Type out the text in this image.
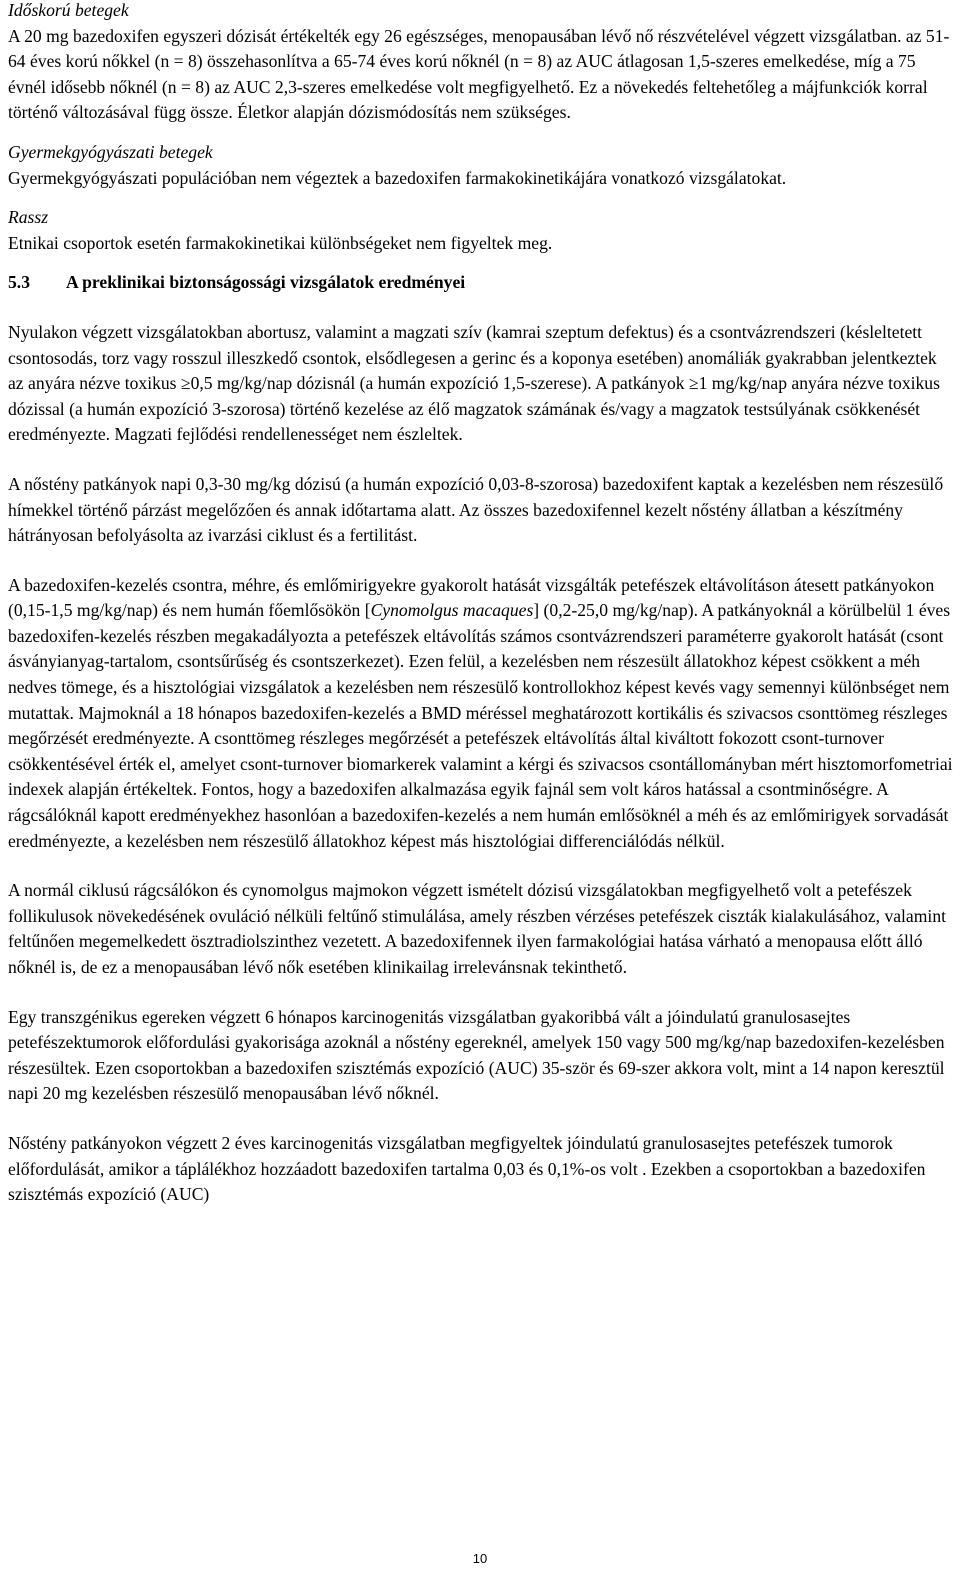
Időskorú betegek

A 20 mg bazedoxifen egyszeri dózisát értékelték egy 26 egészséges, menopausában lévő nő részvételével végzett vizsgálatban. az 51-64 éves korú nőkkel (n = 8) összehasonlítva a 65-74 éves korú nőknél (n = 8) az AUC átlagosan 1,5-szeres emelkedése, míg a 75 évnél idősebb nőknél (n = 8) az AUC 2,3-szeres emelkedése volt megfigyelhető. Ez a növekedés feltehetőleg a májfunkciók korral történő változásával függ össze. Életkor alapján dózismódosítás nem szükséges.

Gyermekgyógyászati betegek

Gyermekgyógyászati populációban nem végeztek a bazedoxifen farmakokinetikájára vonatkozó vizsgálatokat.

Rassz

Etnikai csoportok esetén farmakokinetikai különbségeket nem figyeltek meg.

5.3	A preklinikai biztonságossági vizsgálatok eredményei

Nyulakon végzett vizsgálatokban abortusz, valamint a magzati szív (kamrai szeptum defektus) és a csontvázrendszeri (késleltetett csontosodás, torz vagy rosszul illeszkedő csontok, elsődlegesen a gerinc és a koponya esetében) anomáliák gyakrabban jelentkeztek az anyára nézve toxikus ≥0,5 mg/kg/nap dózisnál (a humán expozíció 1,5-szerese). A patkányok ≥1 mg/kg/nap anyára nézve toxikus dózissal (a humán expozíció 3-szorosa) történő kezelése az élő magzatok számának és/vagy a magzatok testsúlyának csökkenését eredményezte. Magzati fejlődési rendellenességet nem észleltek.

A nőstény patkányok napi 0,3-30 mg/kg dózisú (a humán expozíció 0,03-8-szorosa) bazedoxifent kaptak a kezelésben nem részesülő hímekkel történő párzást megelőzően és annak időtartama alatt. Az összes bazedoxifennel kezelt nőstény állatban a készítmény hátrányosan befolyásolta az ivarzási ciklust és a fertilitást.

A bazedoxifen-kezelés csontra, méhre, és emlőmirigyekre gyakorolt hatását vizsgálták petefészek eltávolításon átesett patkányokon (0,15-1,5 mg/kg/nap) és nem humán főemlősökön [Cynomolgus macaques] (0,2-25,0 mg/kg/nap). A patkányoknál a körülbelül 1 éves bazedoxifen-kezelés részben megakadályozta a petefészek eltávolítás számos csontvázrendszeri paraméterre gyakorolt hatását (csont ásványianyag-tartalom, csontsűrűség és csontszerkezet). Ezen felül, a kezelésben nem részesült állatokhoz képest csökkent a méh nedves tömege, és a hisztológiai vizsgálatok a kezelésben nem részesülő kontrollokhoz képest kevés vagy semennyi különbséget nem mutattak. Majmoknál a 18 hónapos bazedoxifen-kezelés a BMD méréssel meghatározott kortikális és szivacsos csonttömeg részleges megőrzését eredményezte. A csonttömeg részleges megőrzését a petefészek eltávolítás által kiváltott fokozott csont-turnover csökkentésével érték el, amelyet csont-turnover biomarkerek valamint a kérgi és szivacsos csontállományban mért hisztomorfometriai indexek alapján értékeltek. Fontos, hogy a bazedoxifen alkalmazása egyik fajnál sem volt káros hatással a csontminőségre. A rágcsálóknál kapott eredményekhez hasonlóan a bazedoxifen-kezelés a nem humán emlősöknél a méh és az emlőmirigyek sorvadását eredményezte, a kezelésben nem részesülő állatokhoz képest más hisztológiai differenciálódás nélkül.

A normál ciklusú rágcsálókon és cynomolgus majmokon végzett ismételt dózisú vizsgálatokban megfigyelhető volt a petefészek follikulusok növekedésének ovuláció nélküli feltűnő stimulálása, amely részben vérzéses petefészek ciszták kialakulásához, valamint feltűnően megemelkedett ösztradiolszinthez vezetett. A bazedoxifennek ilyen farmakológiai hatása várható a menopausa előtt álló nőknél is, de ez a menopausában lévő nők esetében klinikailag irrelevánsnak tekinthető.

Egy transzgénikus egereken végzett 6 hónapos karcinogenitás vizsgálatban gyakoribbá vált a jóindulatú granulosasejtes petefészektumorok előfordulási gyakorisága azoknál a nőstény egereknél, amelyek 150 vagy 500 mg/kg/nap bazedoxifen-kezelésben részesültek. Ezen csoportokban a bazedoxifen szisztémás expozíció (AUC) 35-ször és 69-szer akkora volt, mint a 14 napon keresztül napi 20 mg kezelésben részesülő menopausában lévő nőknél.

Nőstény patkányokon végzett 2 éves karcinogenitás vizsgálatban megfigyeltek jóindulatú granulosasejtes petefészek tumorok előfordulását, amikor a táplálékhoz hozzáadott bazedoxifen tartalma 0,03 és 0,1%-os volt . Ezekben a csoportokban a bazedoxifen szisztémás expozíció (AUC)

10
